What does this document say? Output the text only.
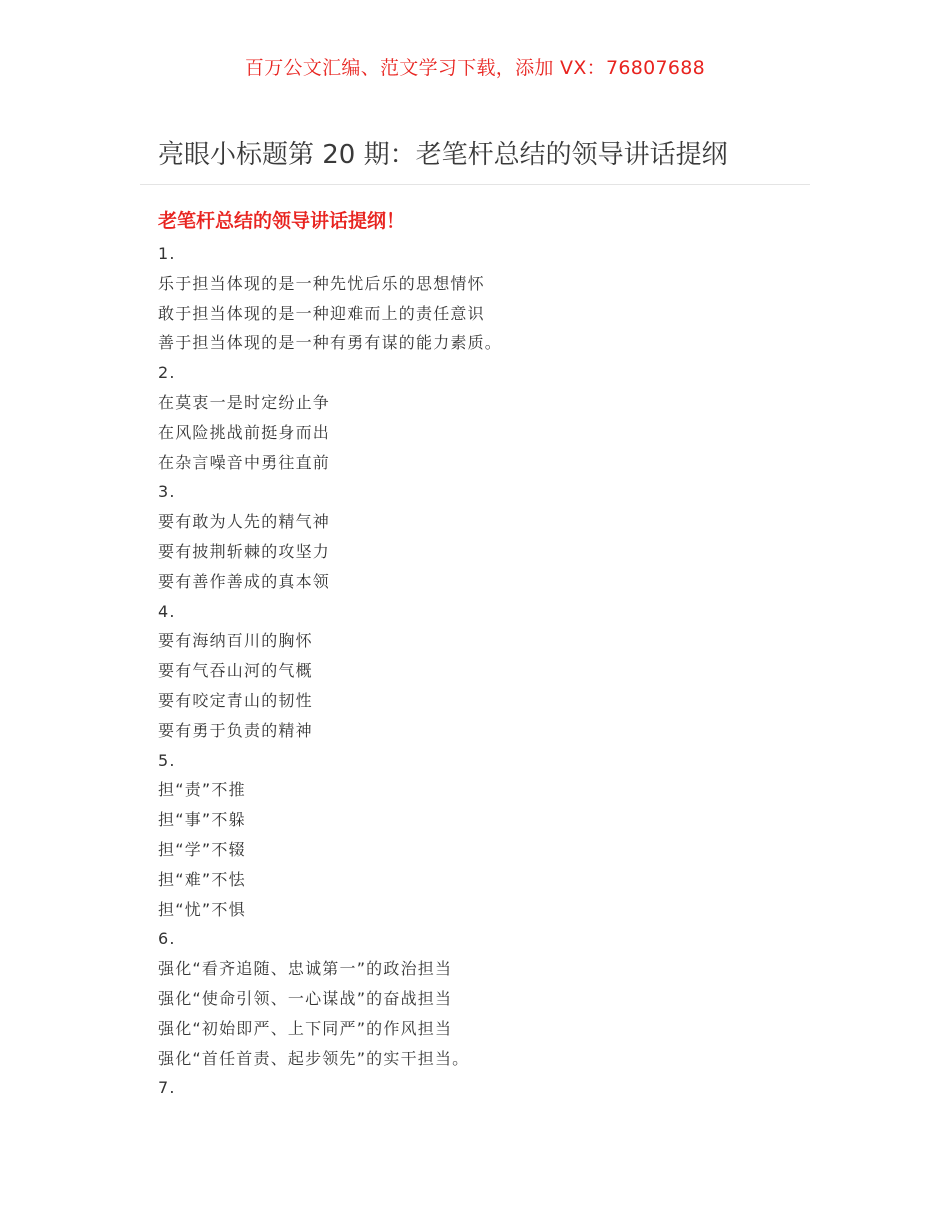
百万公文汇编、范文学习下载，添加 VX：76807688
亮眼小标题第 20 期：老笔杆总结的领导讲话提纲
老笔杆总结的领导讲话提纲！
1.
乐于担当体现的是一种先忧后乐的思想情怀
敢于担当体现的是一种迎难而上的责任意识
善于担当体现的是一种有勇有谋的能力素质。
2.
在莫衷一是时定纷止争
在风险挑战前挺身而出
在杂言噪音中勇往直前
3.
要有敢为人先的精气神
要有披荆斩棘的攻坚力
要有善作善成的真本领
4.
要有海纳百川的胸怀
要有气吞山河的气概
要有咬定青山的韧性
要有勇于负责的精神
5.
担“责”不推
担“事”不躲
担“学”不辍
担“难”不怯
担“忧”不惧
6.
强化“看齐追随、忠诚第一”的政治担当
强化“使命引领、一心谋战”的奋战担当
强化“初始即严、上下同严”的作风担当
强化“首任首责、起步领先”的实干担当。
7.
